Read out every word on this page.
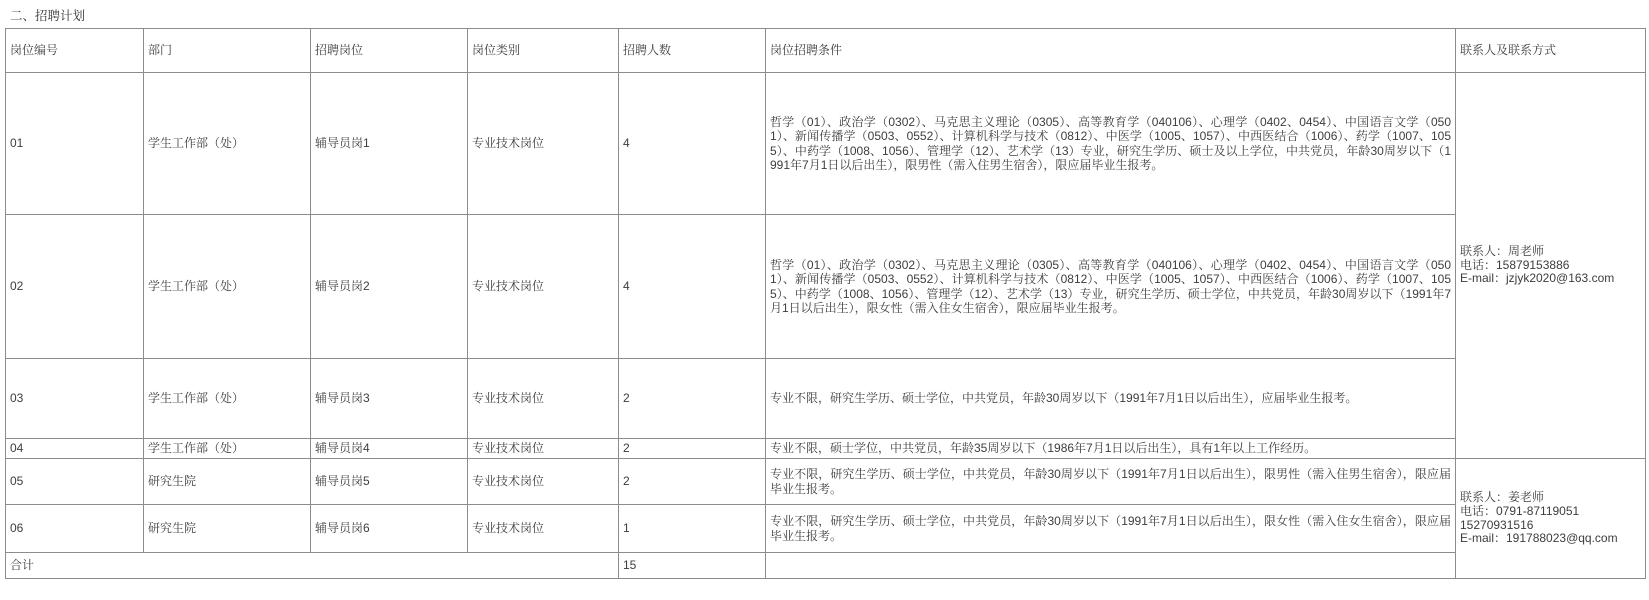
二、招聘计划
岗位编号	部门	招聘岗位	岗位类别	招聘人数	岗位招聘条件	联系人及联系方式
01	学生工作部（处）	辅导员岗1	专业技术岗位	4	哲学（01）、政治学（0302）、马克思主义理论（0305）、高等教育学（040106）、心理学（0402、0454）、中国语言文学（0501）、新闻传播学（0503、0552）、计算机科学与技术（0812）、中医学（1005、1057）、中西医结合（1006）、药学（1007、1055）、中药学（1008、1056）、管理学（12）、艺术学（13）专业，研究生学历、硕士及以上学位，中共党员，年龄30周岁以下（1991年7月1日以后出生），限男性（需入住男生宿舍），限应届毕业生报考。	
联系人：周老师
电话：15879153886
E-mail：jzjyk2020@163.com

02	学生工作部（处）	辅导员岗2	专业技术岗位	4	哲学（01）、政治学（0302）、马克思主义理论（0305）、高等教育学（040106）、心理学（0402、0454）、中国语言文学（0501）、新闻传播学（0503、0552）、计算机科学与技术（0812）、中医学（1005、1057）、中西医结合（1006）、药学（1007、1055）、中药学（1008、1056）、管理学（12）、艺术学（13）专业，研究生学历、硕士学位，中共党员，年龄30周岁以下（1991年7月1日以后出生），限女性（需入住女生宿舍），限应届毕业生报考。	
03	学生工作部（处）	辅导员岗3	专业技术岗位	2	专业不限，研究生学历、硕士学位，中共党员，年龄30周岁以下（1991年7月1日以后出生），应届毕业生报考。	
04	学生工作部（处）	辅导员岗4	专业技术岗位	2	专业不限，硕士学位，中共党员，年龄35周岁以下（1986年7月1日以后出生），具有1年以上工作经历。	
05	研究生院	辅导员岗5	专业技术岗位	2	专业不限，研究生学历、硕士学位，中共党员，年龄30周岁以下（1991年7月1日以后出生），限男性（需入住男生宿舍），限应届毕业生报考。	联系人：姜老师
电话：0791-87119051
15270931516
E-mail：191788023@qq.com

06	研究生院	辅导员岗6	专业技术岗位	1	专业不限，研究生学历、硕士学位，中共党员，年龄30周岁以下（1991年7月1日以后出生），限女性（需入住女生宿舍），限应届毕业生报考。	
合计				15		
